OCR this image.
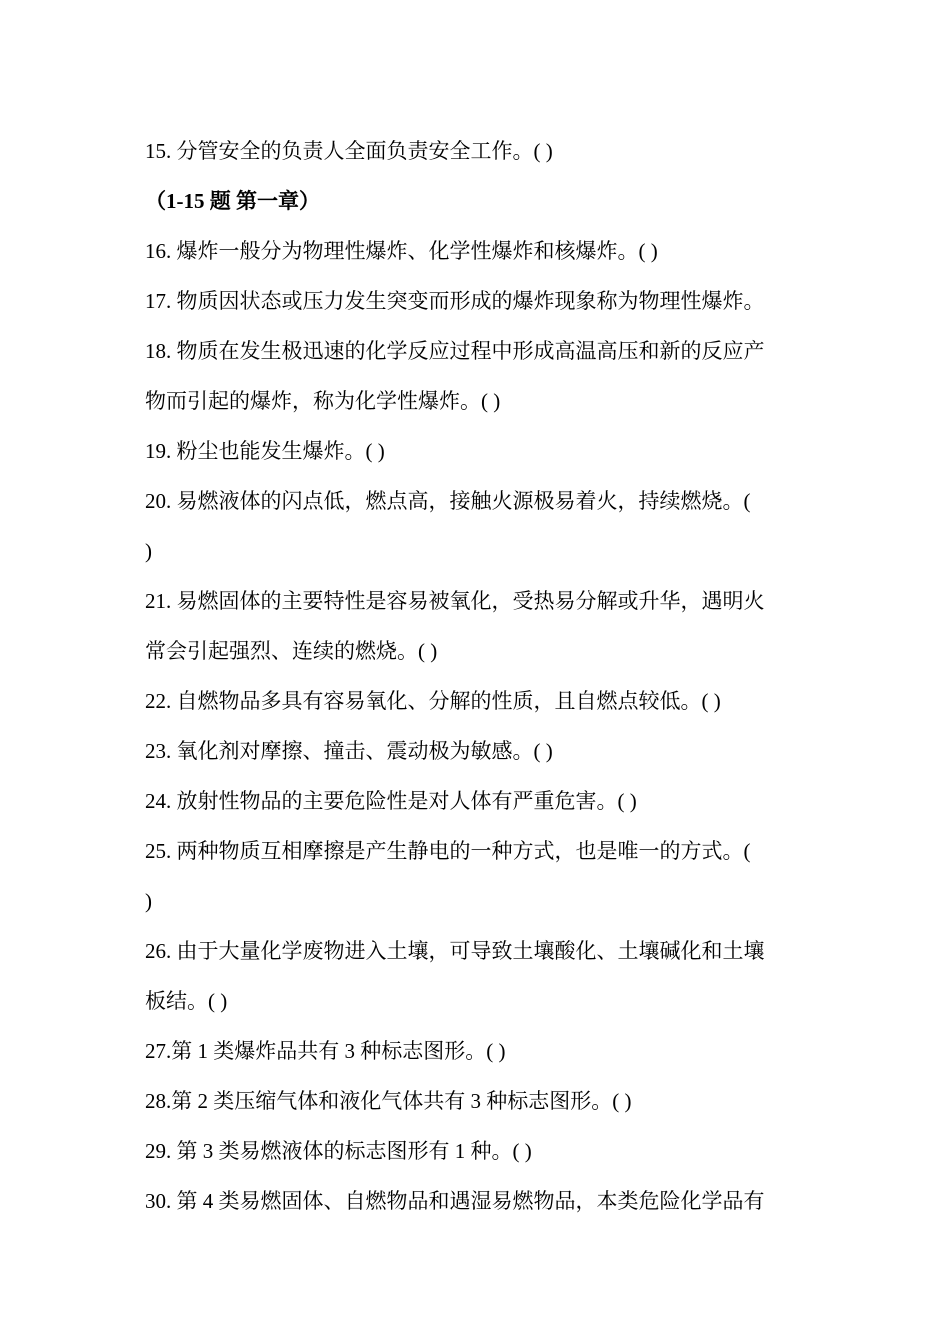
15. 分管安全的负责人全面负责安全工作。( )
（1-15 题 第一章）
16. 爆炸一般分为物理性爆炸、化学性爆炸和核爆炸。( )
17. 物质因状态或压力发生突变而形成的爆炸现象称为物理性爆炸。
18. 物质在发生极迅速的化学反应过程中形成高温高压和新的反应产
物而引起的爆炸，称为化学性爆炸。( )
19. 粉尘也能发生爆炸。( )
20. 易燃液体的闪点低，燃点高，接触火源极易着火，持续燃烧。(
)
21. 易燃固体的主要特性是容易被氧化，受热易分解或升华，遇明火
常会引起强烈、连续的燃烧。( )
22. 自燃物品多具有容易氧化、分解的性质，且自燃点较低。( )
23. 氧化剂对摩擦、撞击、震动极为敏感。( )
24. 放射性物品的主要危险性是对人体有严重危害。( )
25. 两种物质互相摩擦是产生静电的一种方式，也是唯一的方式。(
)
26. 由于大量化学废物进入土壤，可导致土壤酸化、土壤碱化和土壤
板结。( )
27.第 1 类爆炸品共有 3 种标志图形。( )
28.第 2 类压缩气体和液化气体共有 3 种标志图形。( )
29. 第 3 类易燃液体的标志图形有 1 种。( )
30. 第 4 类易燃固体、自燃物品和遇湿易燃物品，本类危险化学品有
